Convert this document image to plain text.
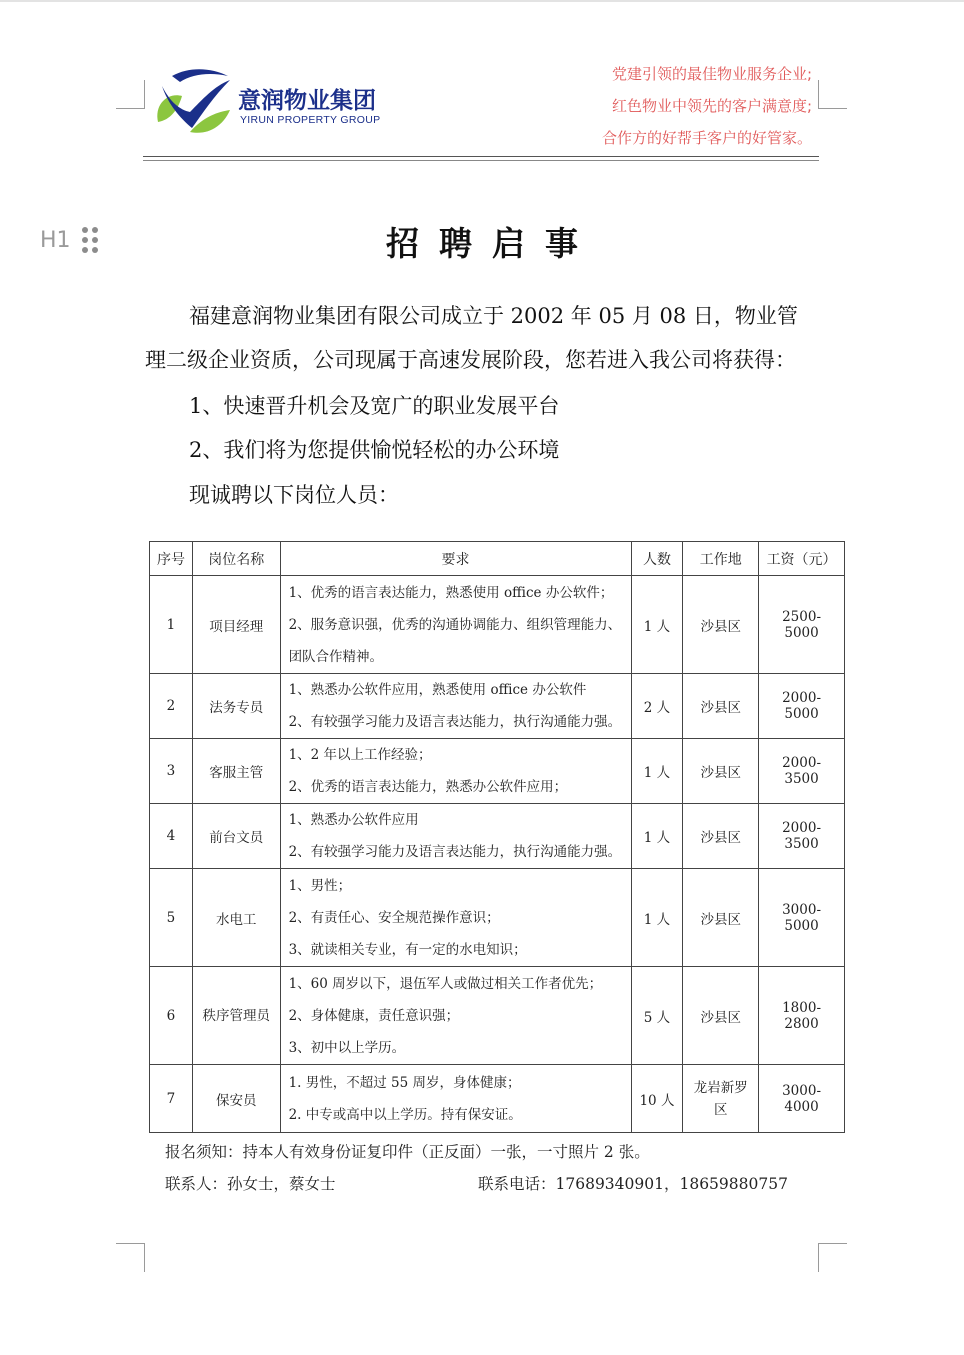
意润物业集团
YIRUN PROPERTY GROUP
党建引领的最佳物业服务企业;
红色物业中领先的客户满意度;
合作方的好帮手客户的好管家。
H1	招聘启事
福建意润物业集团有限公司成立于 2002 年 05 月 08 日，物业管
理二级企业资质，公司现属于高速发展阶段，您若进入我公司将获得：
1、快速晋升机会及宽广的职业发展平台
2、我们将为您提供愉悦轻松的办公环境
现诚聘以下岗位人员：
序号	岗位名称	要求	人数	工作地	工资（元）
1	项目经理	1、优秀的语言表达能力，熟悉使用 office 办公软件；
2、服务意识强，优秀的沟通协调能力、组织管理能力、
团队合作精神。	1 人	沙县区	2500-5000
2	法务专员	1、熟悉办公软件应用，熟悉使用 office 办公软件
2、有较强学习能力及语言表达能力，执行沟通能力强。	2 人	沙县区	2000-5000
3	客服主管	1、2 年以上工作经验；
2、优秀的语言表达能力，熟悉办公软件应用；	1 人	沙县区	2000-3500
4	前台文员	1、熟悉办公软件应用
2、有较强学习能力及语言表达能力，执行沟通能力强。	1 人	沙县区	2000-3500
5	水电工	1、男性；
2、有责任心、安全规范操作意识；
3、就读相关专业，有一定的水电知识；	1 人	沙县区	3000-5000
6	秩序管理员	1、60 周岁以下，退伍军人或做过相关工作者优先；
2、身体健康，责任意识强；
3、初中以上学历。	5 人	沙县区	1800-2800
7	保安员	1. 男性，不超过 55 周岁，身体健康；
2. 中专或高中以上学历。持有保安证。	10 人	龙岩新罗区	3000-4000
报名须知：持本人有效身份证复印件（正反面）一张，一寸照片 2 张。
联系人：孙女士，蔡女士	联系电话：17689340901，18659880757
